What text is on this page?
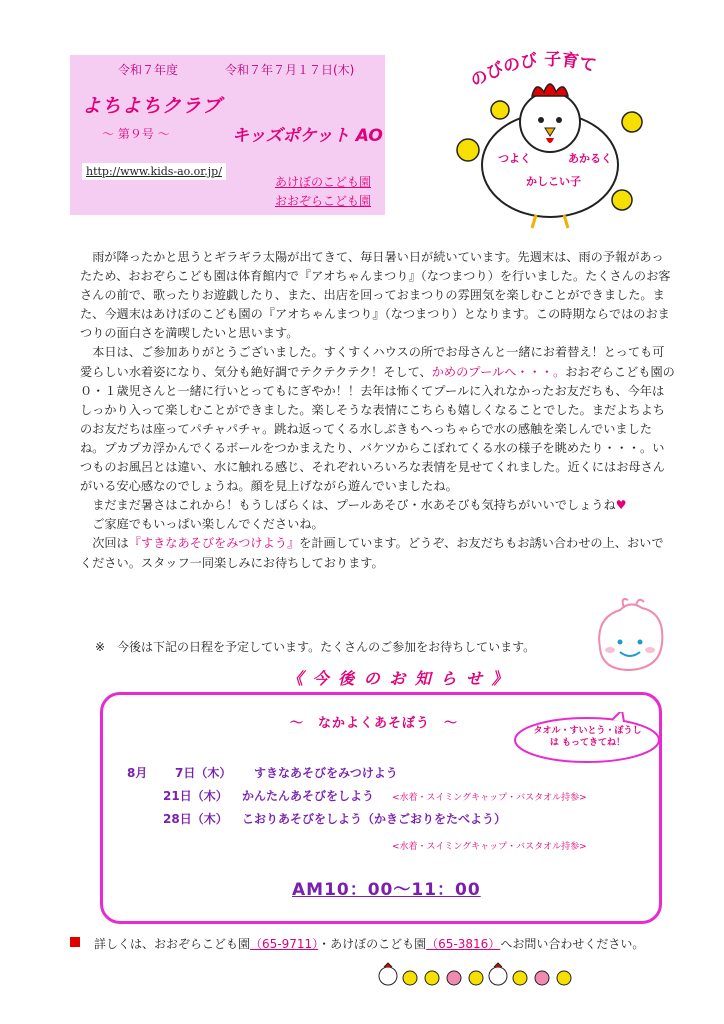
令和７年度	令和７年７月１７日(木)
よちよちクラブ
～ 第９号 ～	キッズポケット AO
http://www.kids-ao.or.jp/
あけぼのこども園
おおぞらこども園
のびのび 子育て
つよく	あかるく
かしこい子

雨が降ったかと思うとギラギラ太陽が出てきて、毎日暑い日が続いています。先週末は、雨の予報があったため、おおぞらこども園は体育館内で『アオちゃんまつり』（なつまつり）を行いました。たくさんのお客さんの前で、歌ったりお遊戯したり、また、出店を回っておまつりの雰囲気を楽しむことができました。また、今週末はあけぼのこども園の『アオちゃんまつり』（なつまつり）となります。この時期ならではのおまつりの面白さを満喫したいと思います。

本日は、ご参加ありがとうございました。すくすくハウスの所でお母さんと一緒にお着替え！とっても可愛らしい水着姿になり、気分も絶好調でテクテクテク！そして、かめのプールへ・・・。おおぞらこども園の０・１歳児さんと一緒に行いとってもにぎやか！！去年は怖くてプールに入れなかったお友だちも、今年はしっかり入って楽しむことができました。楽しそうな表情にこちらも嬉しくなることでした。まだよちよちのお友だちは座ってパチャパチャ。跳ね返ってくる水しぶきもへっちゃらで水の感触を楽しんでいましたね。プカプカ浮かんでくるボールをつかまえたり、バケツからこぼれてくる水の様子を眺めたり・・・。いつものお風呂とは違い、水に触れる感じ、それぞれいろいろな表情を見せてくれました。近くにはお母さんがいる安心感なのでしょうね。顔を見上げながら遊んでいましたね。

まだまだ暑さはこれから！もうしばらくは、プールあそび・水あそびも気持ちがいいでしょうね♥

ご家庭でもいっぱい楽しんでくださいね。

次回は『すきなあそびをみつけよう』を計画しています。どうぞ、お友だちもお誘い合わせの上、おいでください。スタッフ一同楽しみにお待ちしております。

※　今後は下記の日程を予定しています。たくさんのご参加をお待ちしています。
《 今 後 の お 知 ら せ 》
～　なかよくあそぼう　～	タオル・すいとう・ぼうしは もってきてね！
8月 7日（木） すきなあそびをみつけよう
21日（木） かんたんあそびをしよう <水着・スイミングキャップ・バスタオル持参>
28日（木） こおりあそびをしよう（かきごおりをたべよう）
<水着・スイミングキャップ・バスタオル持参>
AM10：00～11：00
詳しくは、おおぞらこども園（65-9711）・あけぼのこども園（65-3816）へお問い合わせください。
